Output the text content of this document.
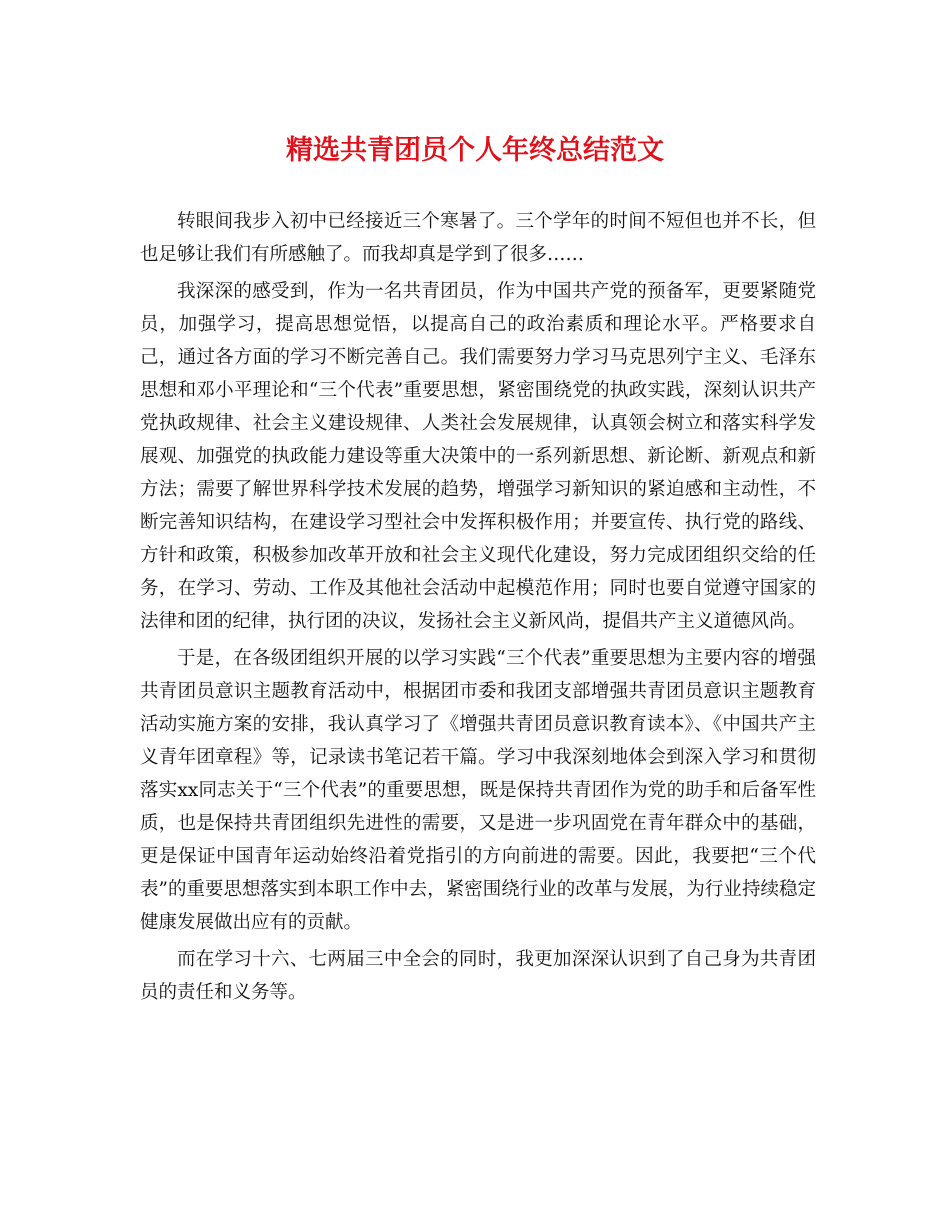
精选共青团员个人年终总结范文

转眼间我步入初中已经接近三个寒暑了。三个学年的时间不短但也并不长，但也足够让我们有所感触了。而我却真是学到了很多……

我深深的感受到，作为一名共青团员，作为中国共产党的预备军，更要紧随党员，加强学习，提高思想觉悟，以提高自己的政治素质和理论水平。严格要求自己，通过各方面的学习不断完善自己。我们需要努力学习马克思列宁主义、毛泽东思想和邓小平理论和“三个代表”重要思想，紧密围绕党的执政实践，深刻认识共产党执政规律、社会主义建设规律、人类社会发展规律，认真领会树立和落实科学发展观、加强党的执政能力建设等重大决策中的一系列新思想、新论断、新观点和新方法；需要了解世界科学技术发展的趋势，增强学习新知识的紧迫感和主动性，不断完善知识结构，在建设学习型社会中发挥积极作用；并要宣传、执行党的路线、方针和政策，积极参加改革开放和社会主义现代化建设，努力完成团组织交给的任务，在学习、劳动、工作及其他社会活动中起模范作用；同时也要自觉遵守国家的法律和团的纪律，执行团的决议，发扬社会主义新风尚，提倡共产主义道德风尚。

于是，在各级团组织开展的以学习实践“三个代表”重要思想为主要内容的增强共青团员意识主题教育活动中，根据团市委和我团支部增强共青团员意识主题教育活动实施方案的安排，我认真学习了《增强共青团员意识教育读本》、《中国共产主义青年团章程》等，记录读书笔记若干篇。学习中我深刻地体会到深入学习和贯彻落实xx同志关于“三个代表”的重要思想，既是保持共青团作为党的助手和后备军性质，也是保持共青团组织先进性的需要，又是进一步巩固党在青年群众中的基础，更是保证中国青年运动始终沿着党指引的方向前进的需要。因此，我要把“三个代表”的重要思想落实到本职工作中去，紧密围绕行业的改革与发展，为行业持续稳定健康发展做出应有的贡献。

而在学习十六、七两届三中全会的同时，我更加深深认识到了自己身为共青团员的责任和义务等。
